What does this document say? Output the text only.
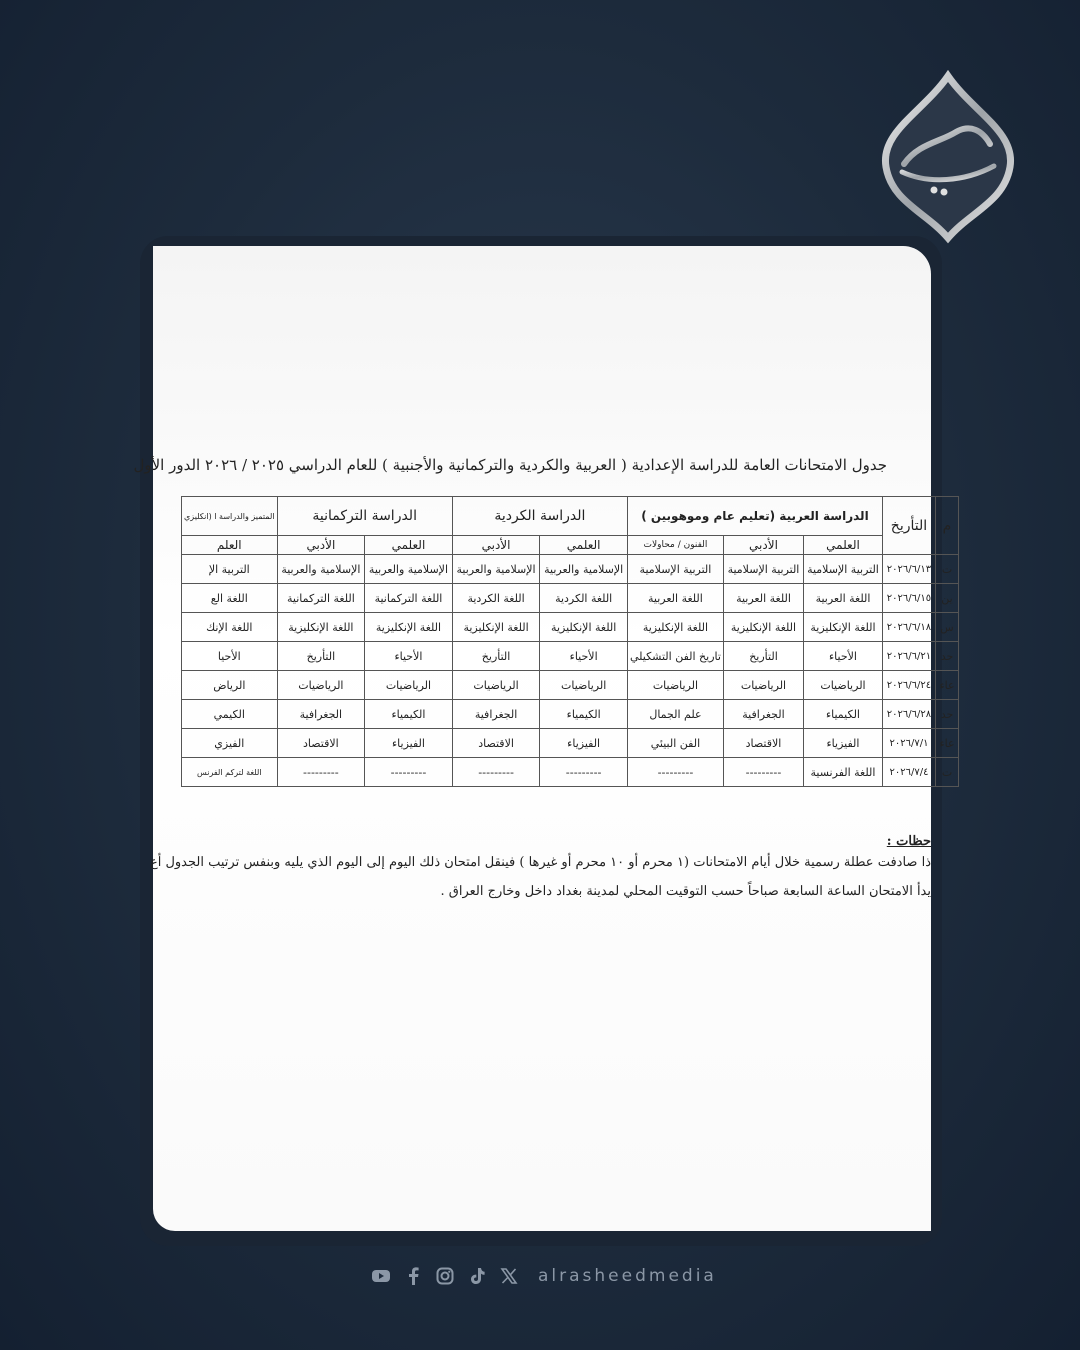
جدول الامتحانات العامة للدراسة الإعدادية ( العربية والكردية والتركمانية والأجنبية ) للعام الدراسي ٢٠٢٥ / ٢٠٢٦ الدور الأول
م	التأريخ	الدراسة العربية (تعليم عام وموهوبين )			الدراسة الكردية		الدراسة التركمانية		المتميز والدراسة ا (انكليزي
		العلمي	الأدبي	الفنون / محاولات	العلمي	الأدبي	العلمي	الأدبي	العلم
ت	٢٠٢٦/٦/١٣	التربية الإسلامية	التربية الإسلامية	التربية الإسلامية	الإسلامية والعربية	الإسلامية والعربية	الإسلامية والعربية	الإسلامية والعربية	التربية الإ
ين	٢٠٢٦/٦/١٥	اللغة العربية	اللغة العربية	اللغة العربية	اللغة الكردية	اللغة الكردية	اللغة التركمانية	اللغة التركمانية	اللغة الع
س	٢٠٢٦/٦/١٨	اللغة الإنكليزية	اللغة الإنكليزية	اللغة الإنكليزية	اللغة الإنكليزية	اللغة الإنكليزية	اللغة الإنكليزية	اللغة الإنكليزية	اللغة الإنك
حد	٢٠٢٦/٦/٢١	الأحياء	التأريخ	تاريخ الفن التشكيلي	الأحياء	التأريخ	الأحياء	التأريخ	الأحيا
عاء	٢٠٢٦/٦/٢٤	الرياضيات	الرياضيات	الرياضيات	الرياضيات	الرياضيات	الرياضيات	الرياضيات	الرياض
حد	٢٠٢٦/٦/٢٨	الكيمياء	الجغرافية	علم الجمال	الكيمياء	الجغرافية	الكيمياء	الجغرافية	الكيمي
عاء	٢٠٢٦/٧/١	الفيزياء	الاقتصاد	الفن البيئي	الفيزياء	الاقتصاد	الفيزياء	الاقتصاد	الفيزي
ت	٢٠٢٦/٧/٤	اللغة الفرنسية	---------	---------	---------	---------	---------	---------	اللغة لتركم الفرنس
حظات :
ذا صادفت عطلة رسمية خلال أيام الامتحانات (١ محرم أو ١٠ محرم أو غيرها ) فينقل امتحان ذلك اليوم إلى اليوم الذي يليه وبنفس ترتيب الجدول أع
يدأ الامتحان الساعة السابعة صباحاً حسب التوقيت المحلي لمدينة بغداد داخل وخارج العراق .
alrasheedmedia
